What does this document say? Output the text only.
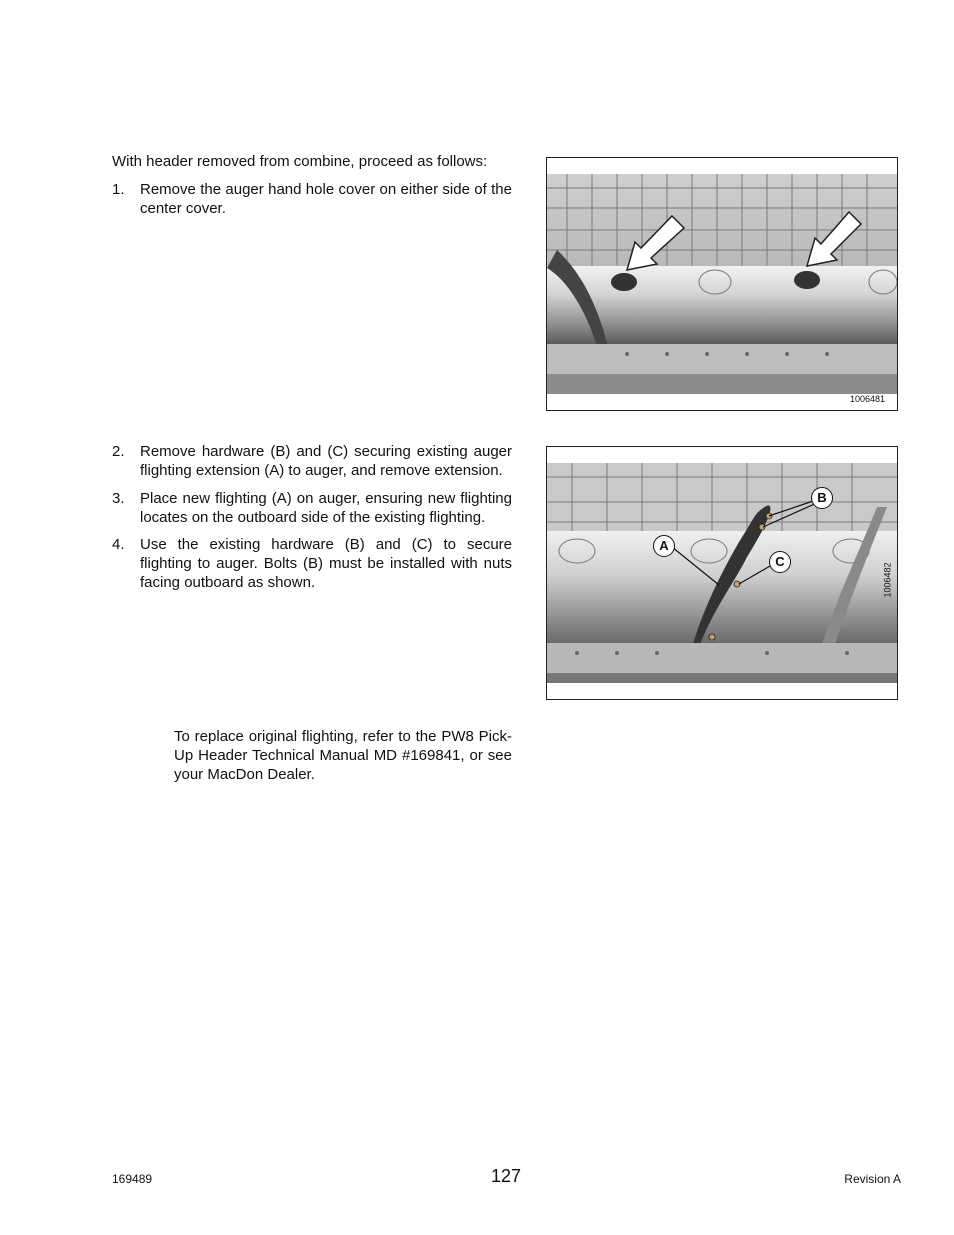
With header removed from combine, proceed as follows:
1. Remove the auger hand hole cover on either side of the center cover.
2. Remove hardware (B) and (C) securing existing auger flighting extension (A) to auger, and remove extension.
3. Place new flighting (A) on auger, ensuring new flighting locates on the outboard side of the existing flighting.
4. Use the existing hardware (B) and (C) to secure flighting to auger. Bolts (B) must be installed with nuts facing outboard as shown.
To replace original flighting, refer to the PW8 Pick-Up Header Technical Manual MD #169841, or see your MacDon Dealer.
1006481
B
A
C
1006482
169489	127	Revision A
